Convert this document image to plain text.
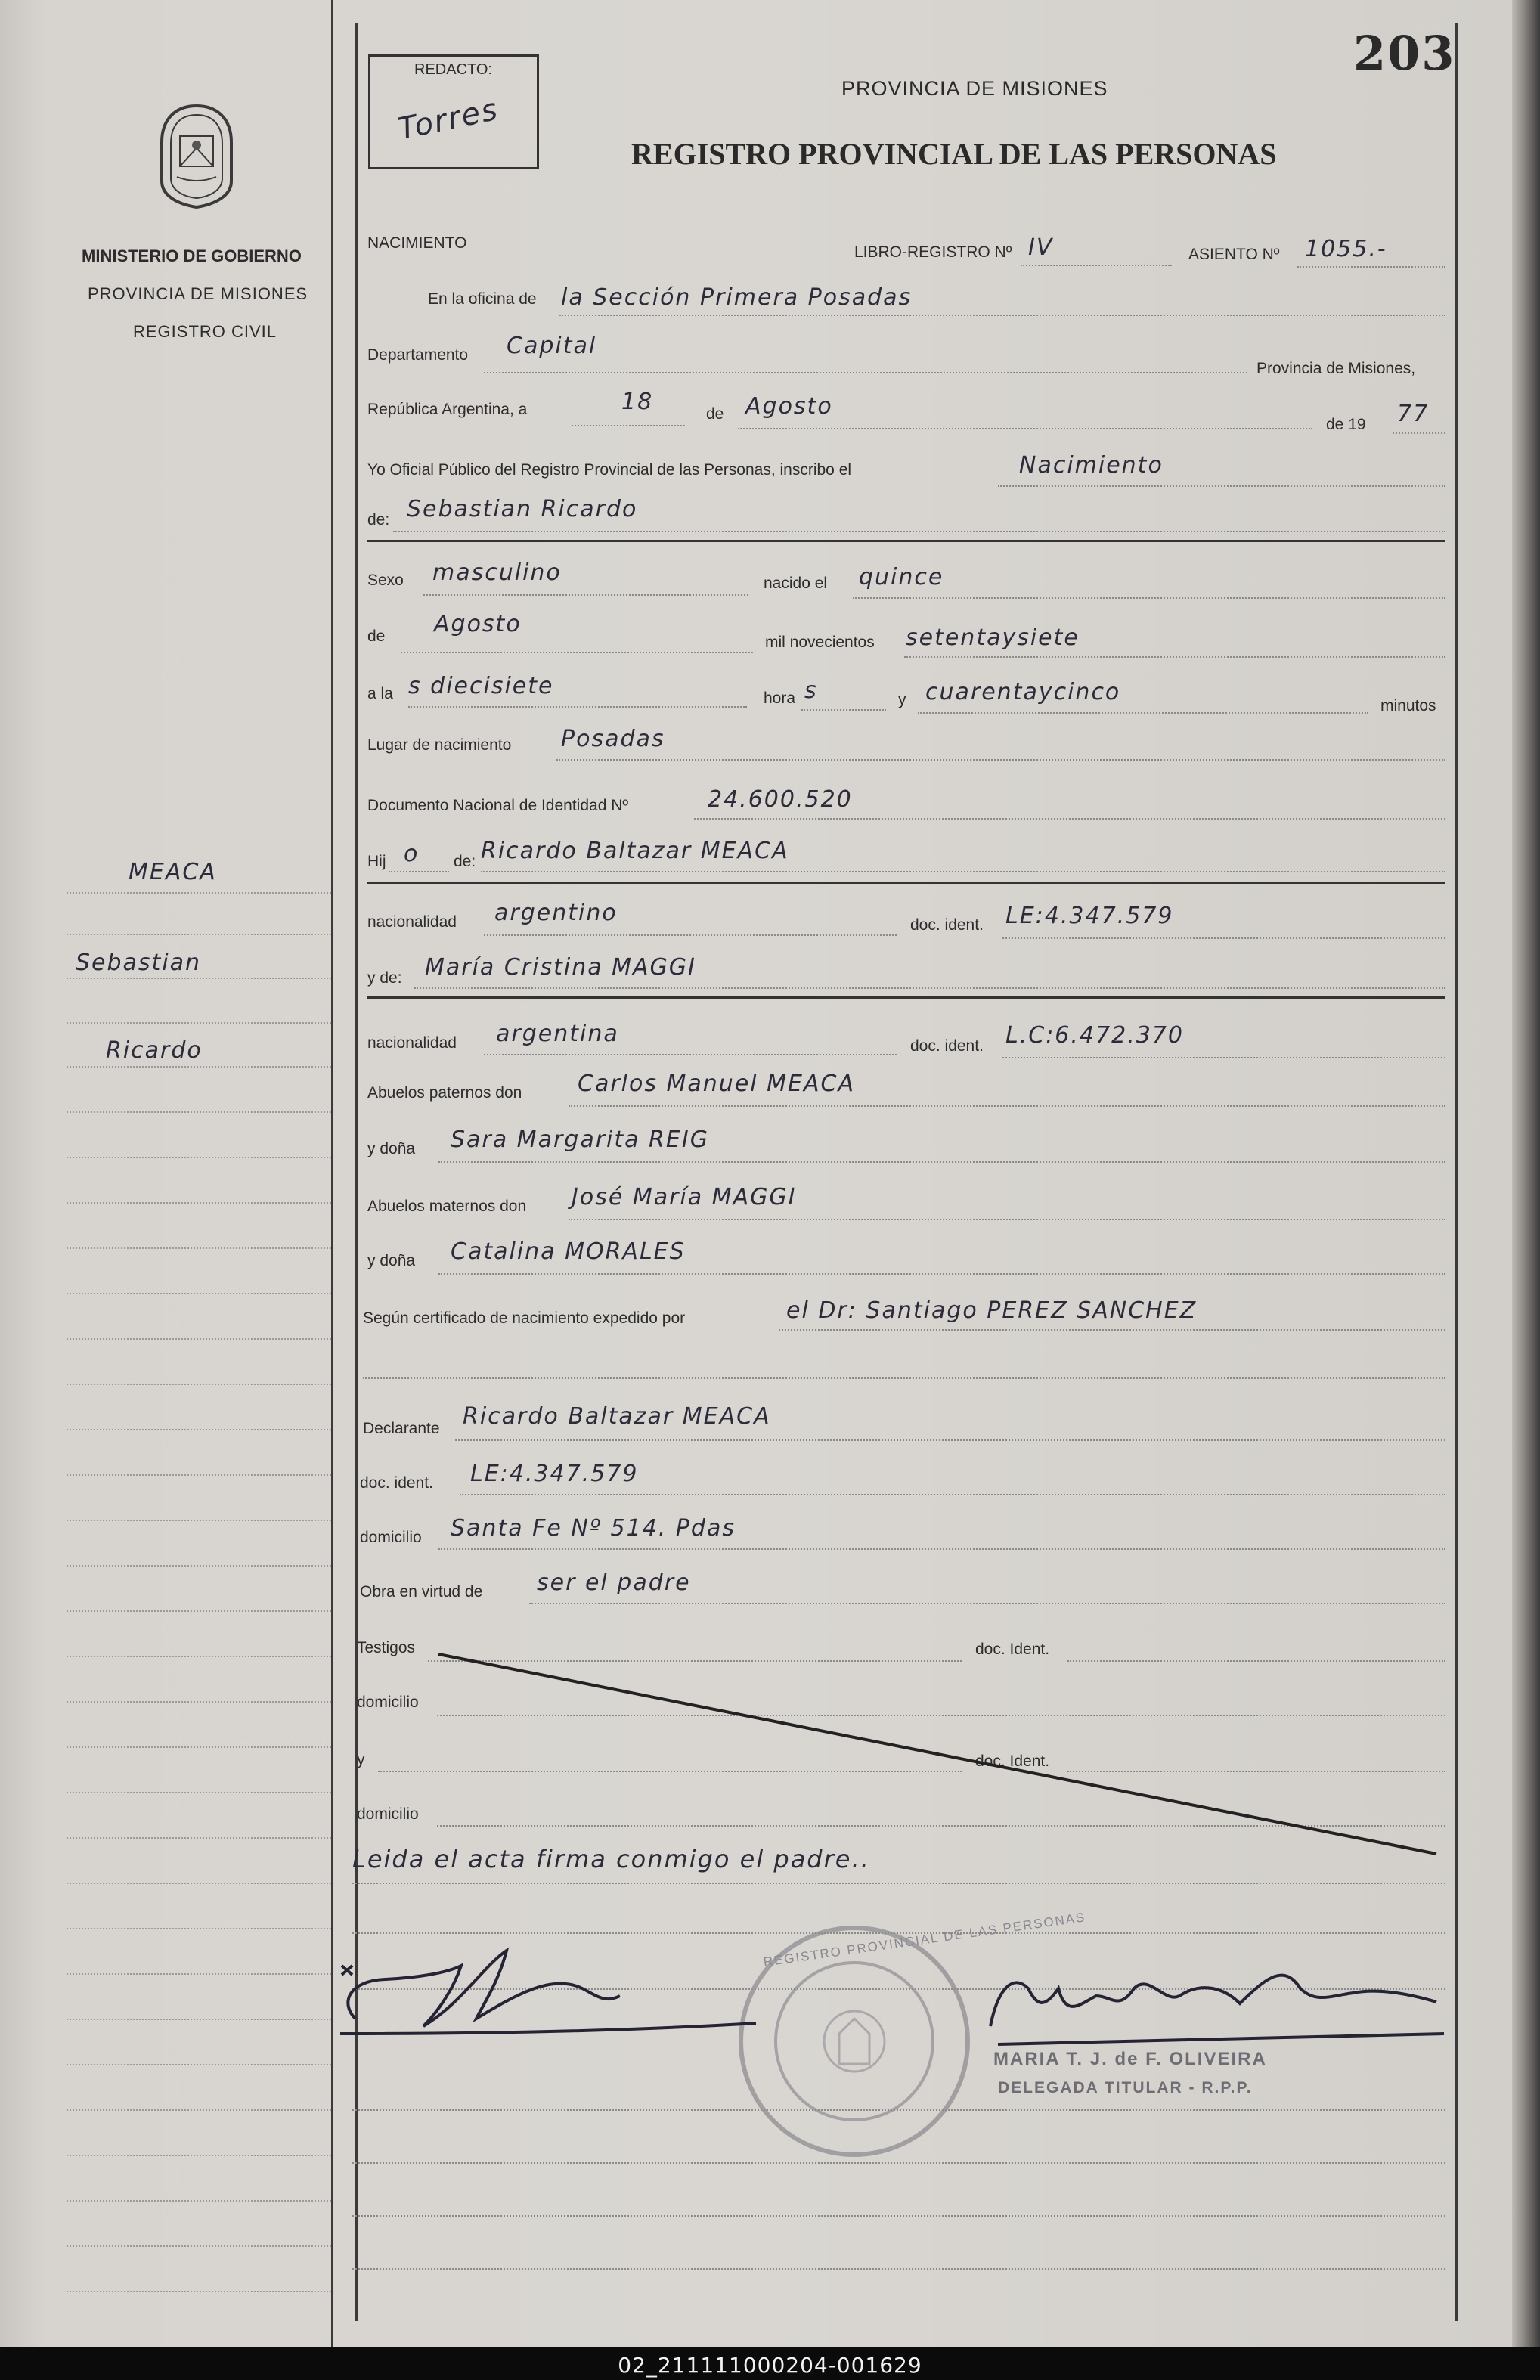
MINISTERIO DE GOBIERNO
PROVINCIA DE MISIONES
REGISTRO CIVIL
MEACA
Sebastian
Ricardo
REDACTO:
Torres
203
PROVINCIA DE MISIONES
REGISTRO PROVINCIAL DE LAS PERSONAS
NACIMIENTO
LIBRO-REGISTRO Nº IV	ASIENTO Nº 1055.-
En la oficina de la Sección Primera Posadas
Departamento Capital
Provincia de Misiones,
República Argentina, a	18	de Agosto
de 19 77
Yo Oficial Público del Registro Provincial de las Personas, inscribo el	Nacimiento
de: Sebastian Ricardo
Sexo masculino	nacido el quince
de Agosto
mil novecientos setentaysiete
a la s diecisiete	hora s	y cuarentaycinco
minutos
Lugar de nacimiento Posadas
Documento Nacional de Identidad Nº	24.600.520
Hij o de: Ricardo Baltazar MEACA
nacionalidad argentino	doc. ident. LE:4.347.579
y de: María Cristina MAGGI
nacionalidad argentina	doc. ident. L.C:6.472.370
Abuelos paternos don Carlos Manuel MEACA
y doña Sara Margarita REIG
Abuelos maternos don José María MAGGI
y doña Catalina MORALES
Según certificado de nacimiento expedido por	el Dr: Santiago PEREZ SANCHEZ
Declarante Ricardo Baltazar MEACA
doc. ident. LE:4.347.579
domicilio Santa Fe Nº 514. Pdas
Obra en virtud de ser el padre
Testigos	doc. Ident.
domicilio
y	doc. Ident.
domicilio
Leida el acta firma conmigo el padre..
REGISTRO PROVINCIAL DE LAS PERSONAS
MARIA T. J. de F. OLIVEIRA
DELEGADA TITULAR - R.P.P.
02_211111000204-001629
